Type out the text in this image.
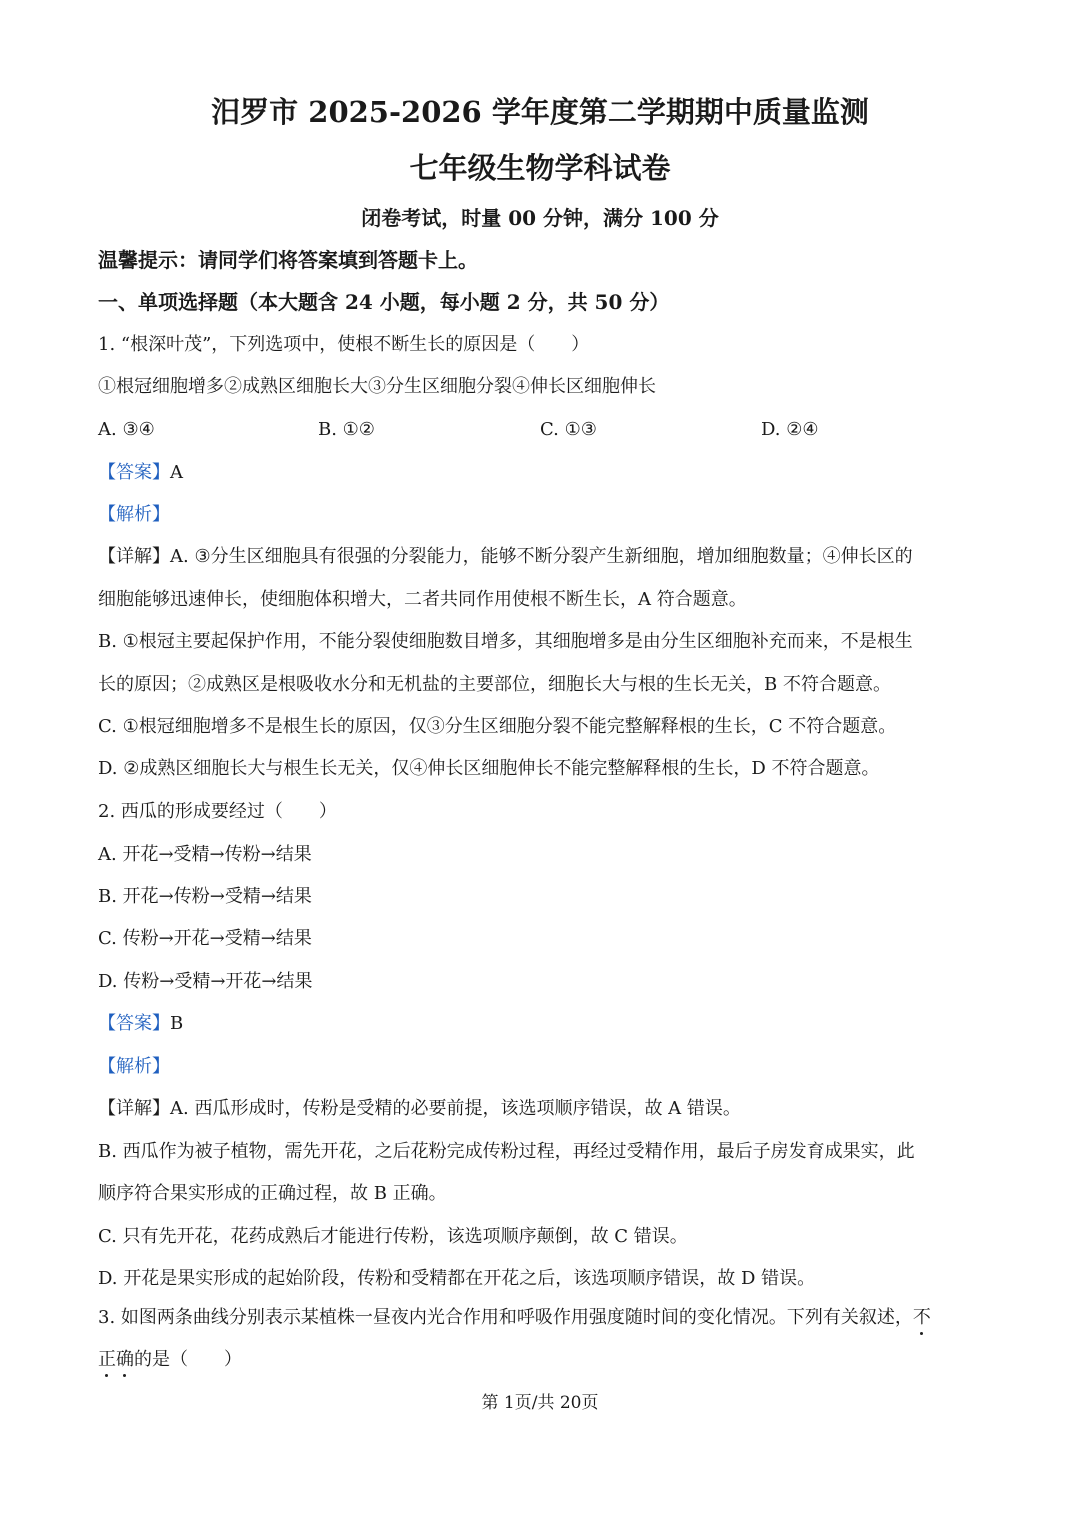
汨罗市 2025-2026 学年度第二学期期中质量监测
七年级生物学科试卷
闭卷考试，时量 00 分钟，满分 100 分
温馨提示：请同学们将答案填到答题卡上。
一、单项选择题（本大题含 24 小题，每小题 2 分，共 50 分）
1. “根深叶茂”，下列选项中，使根不断生长的原因是（　　）
①根冠细胞增多②成熟区细胞长大③分生区细胞分裂④伸长区细胞伸长
A. ③④	B. ①②	C. ①③	D. ②④
【答案】A
【解析】
【详解】A. ③分生区细胞具有很强的分裂能力，能够不断分裂产生新细胞，增加细胞数量；④伸长区的
细胞能够迅速伸长，使细胞体积增大，二者共同作用使根不断生长，A 符合题意。
B. ①根冠主要起保护作用，不能分裂使细胞数目增多，其细胞增多是由分生区细胞补充而来，不是根生
长的原因；②成熟区是根吸收水分和无机盐的主要部位，细胞长大与根的生长无关，B 不符合题意。
C. ①根冠细胞增多不是根生长的原因，仅③分生区细胞分裂不能完整解释根的生长，C 不符合题意。
D. ②成熟区细胞长大与根生长无关，仅④伸长区细胞伸长不能完整解释根的生长，D 不符合题意。
2. 西瓜的形成要经过（　　）
A. 开花→受精→传粉→结果
B. 开花→传粉→受精→结果
C. 传粉→开花→受精→结果
D. 传粉→受精→开花→结果
【答案】B
【解析】
【详解】A. 西瓜形成时，传粉是受精的必要前提，该选项顺序错误，故 A 错误。
B. 西瓜作为被子植物，需先开花，之后花粉完成传粉过程，再经过受精作用，最后子房发育成果实，此
顺序符合果实形成的正确过程，故 B 正确。
C. 只有先开花，花药成熟后才能进行传粉，该选项顺序颠倒，故 C 错误。
D. 开花是果实形成的起始阶段，传粉和受精都在开花之后，该选项顺序错误，故 D 错误。
3. 如图两条曲线分别表示某植株一昼夜内光合作用和呼吸作用强度随时间的变化情况。下列有关叙述，不
正确
的是（　　）
第 1页/共 20页
